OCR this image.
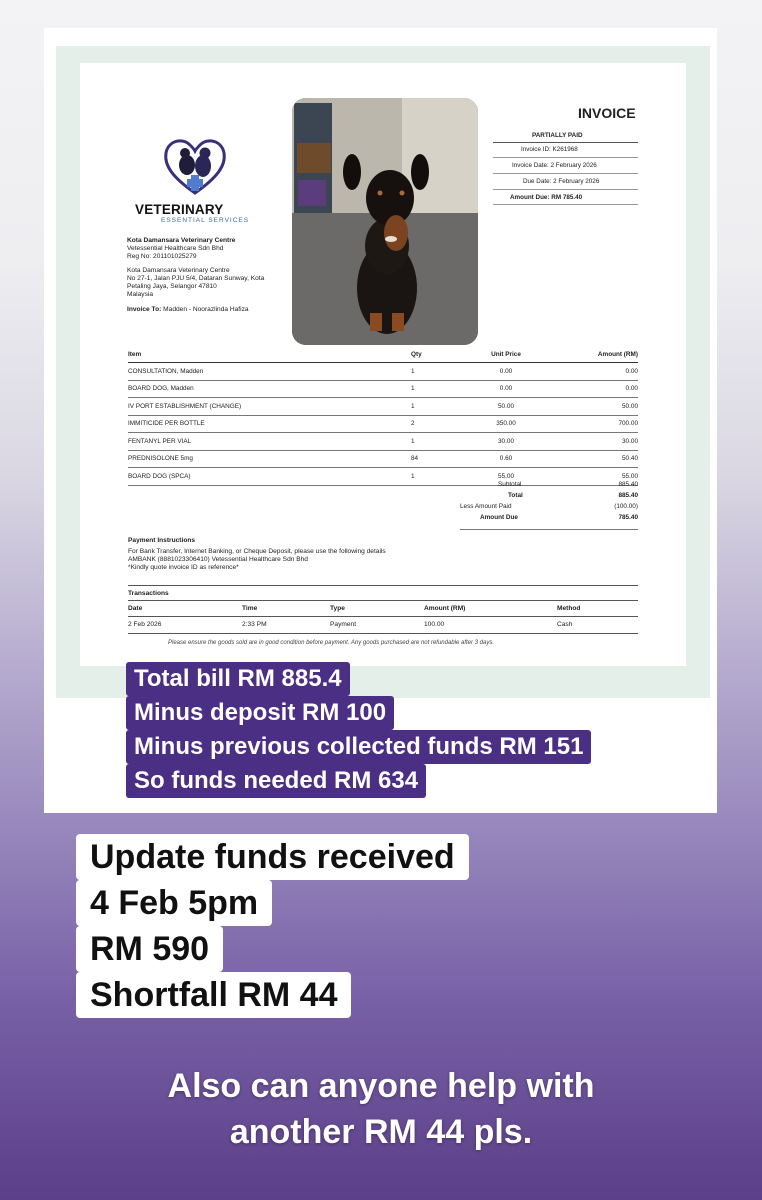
VETERINARY
ESSENTIAL SERVICES
Kota Damansara Veterinary Centre
Vetessential Healthcare Sdn Bhd
Reg No: 201101025279
Kota Damansara Veterinary Centre
No 27-1, Jalan PJU 5/4, Dataran Sunway, Kota
Petaling Jaya, Selangor 47810
Malaysia
Invoice To: Madden - Noorazlinda Hafiza
INVOICE
PARTIALLY PAID
Invoice ID: K261968
Invoice Date: 2 February 2026
Due Date: 2 February 2026
Amount Due: RM 785.40
Item	Qty	Unit Price	Amount (RM)
CONSULTATION, Madden	1	0.00	0.00
BOARD DOG, Madden	1	0.00	0.00
IV PORT ESTABLISHMENT (CHANGE)	1	50.00	50.00
IMMITICIDE PER BOTTLE	2	350.00	700.00
FENTANYL PER VIAL	1	30.00	30.00
PREDNISOLONE 5mg	84	0.60	50.40
BOARD DOG (SPCA)	1	55.00	55.00
Subtotal	885.40
Total	885.40
Less Amount Paid	(100.00)
Amount Due	785.40
Payment Instructions
For Bank Transfer, Internet Banking, or Cheque Deposit, please use the following details
AMBANK (8881023306410) Vetessential Healthcare Sdn Bhd
*Kindly quote invoice ID as reference*
Transactions
Date	Time	Type	Amount (RM)	Method
2 Feb 2026	2:33 PM	Payment	100.00	Cash
Please ensure the goods sold are in good condition before payment. Any goods purchased are not refundable after 3 days.
Total bill RM 885.4
Minus deposit RM 100
Minus previous collected funds RM 151
So funds needed RM 634
Update funds received
4 Feb 5pm
RM 590
Shortfall RM 44
Also can anyone help with
another RM 44 pls.
